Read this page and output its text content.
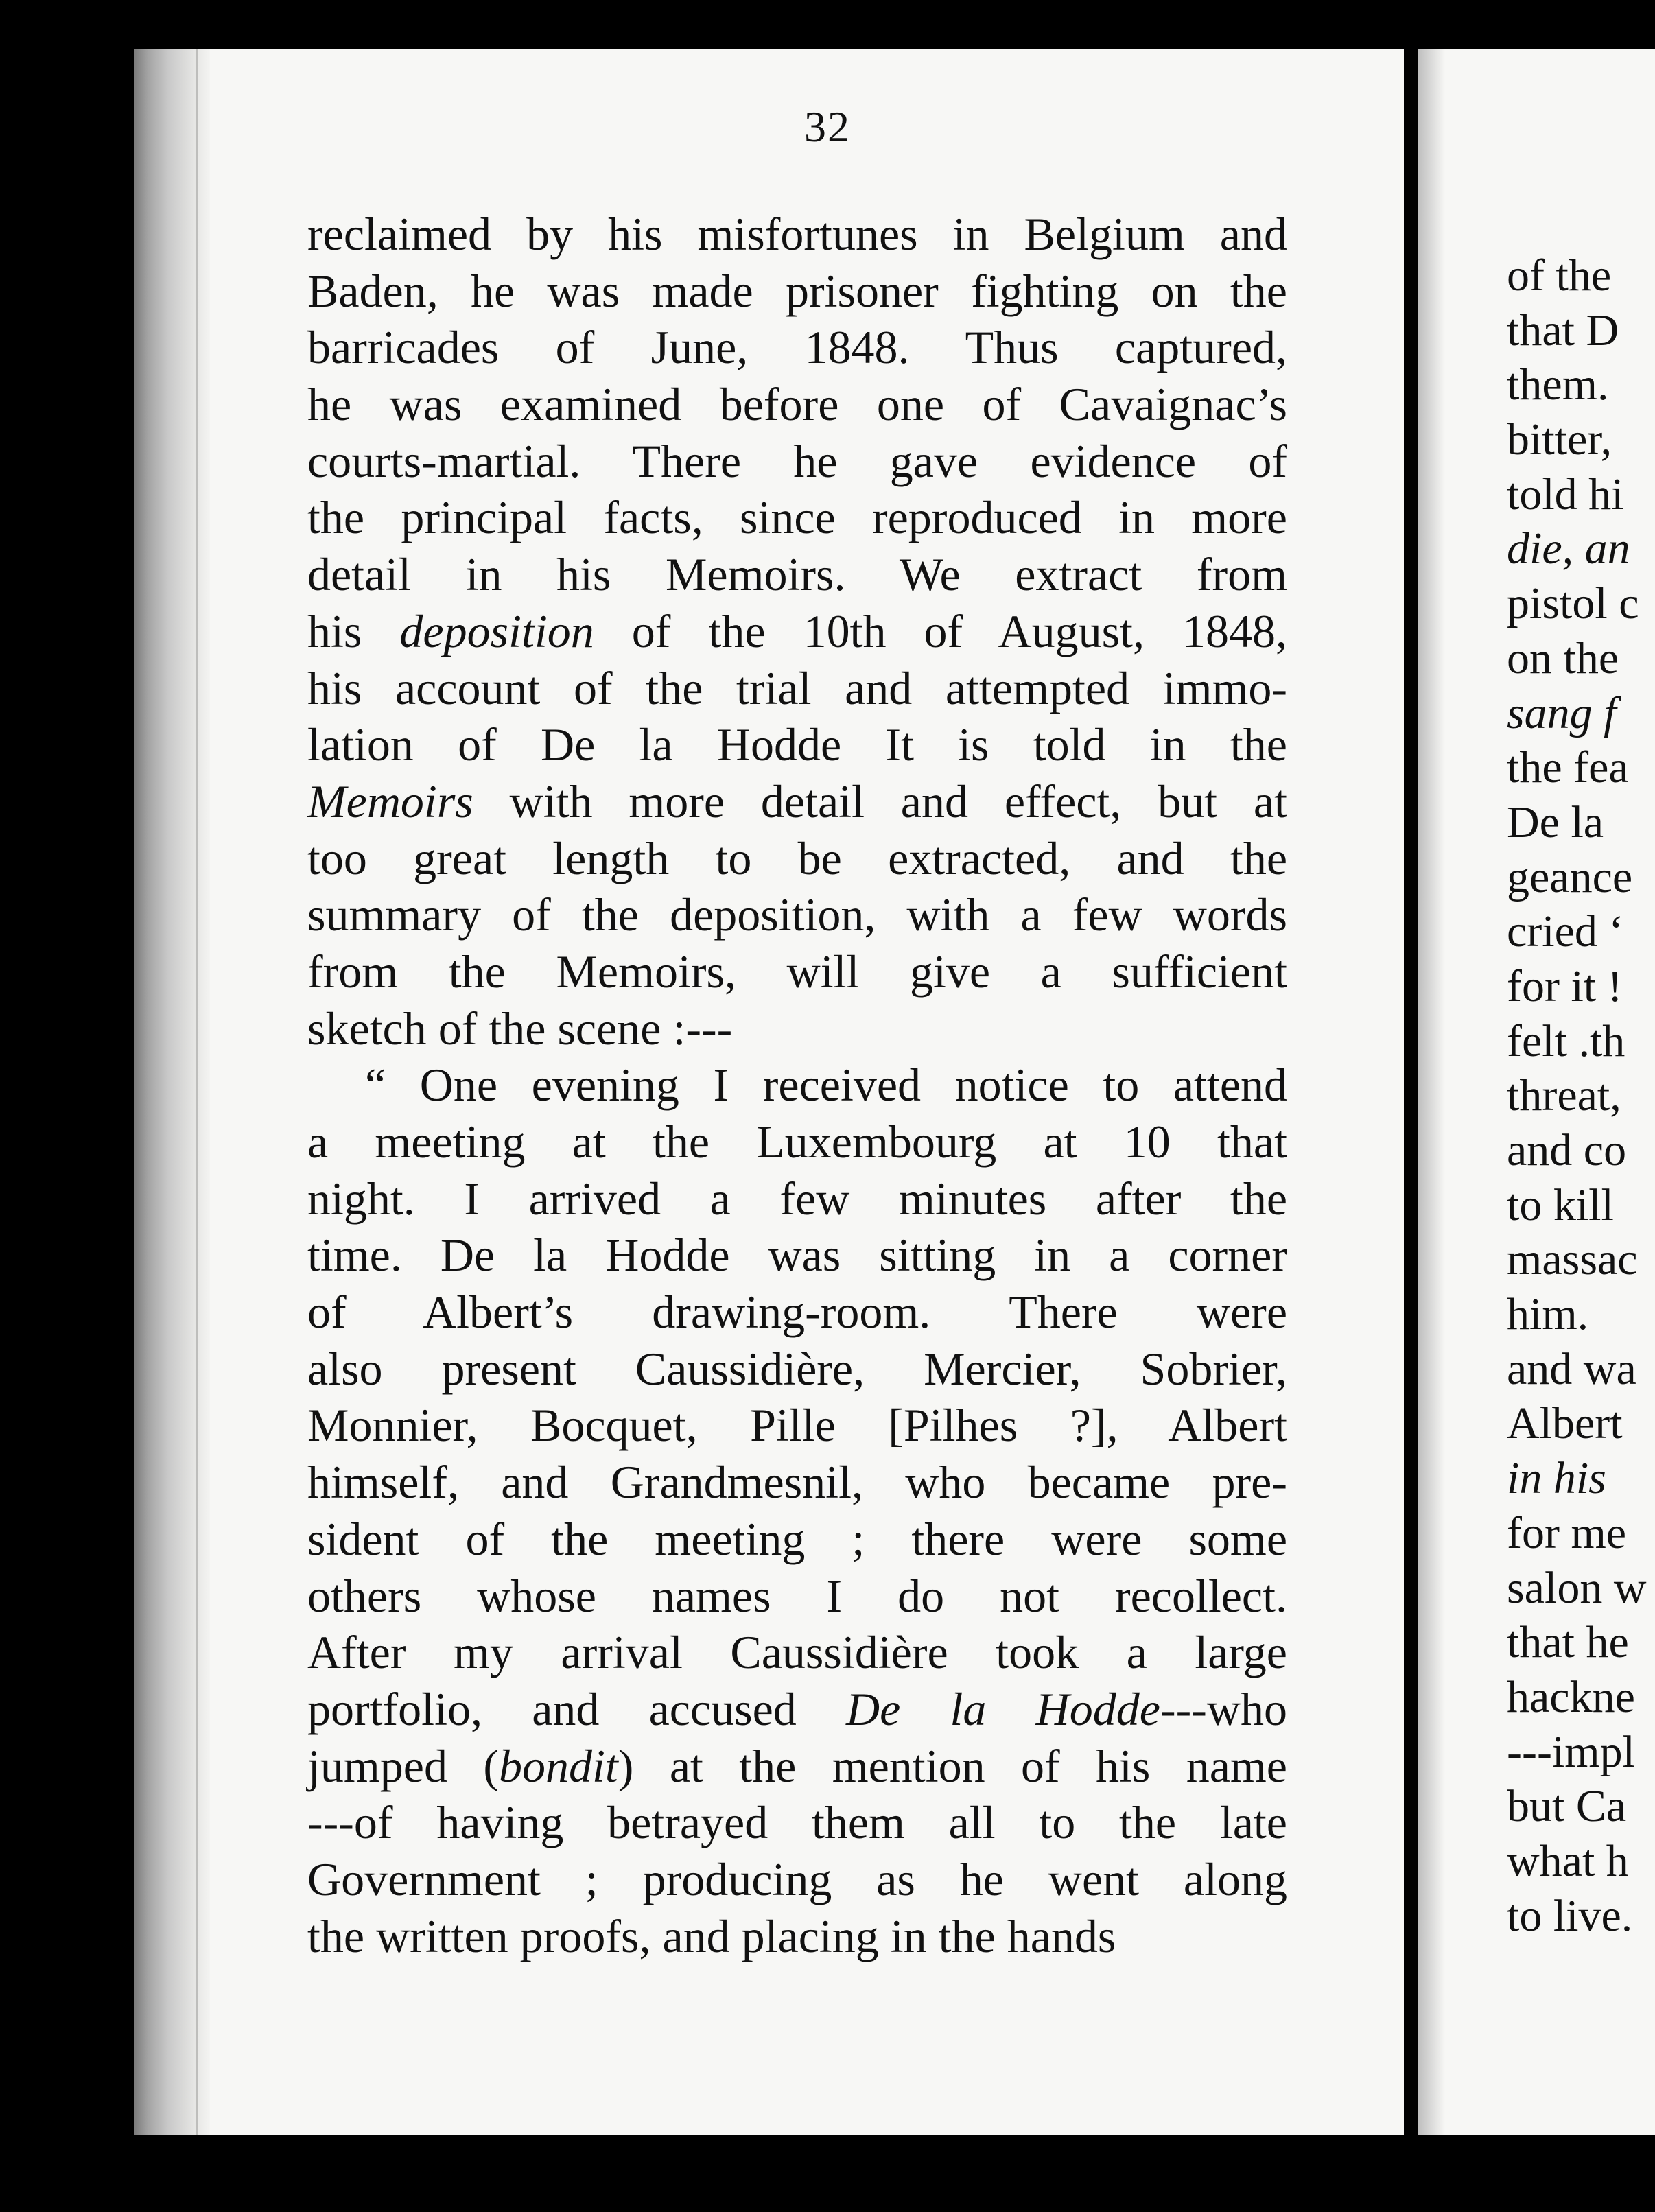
32
reclaimed by his misfortunes in Belgium and
Baden, he was made prisoner fighting on the
barricades of June, 1848. Thus captured,
he was examined before one of Cavaignac’s
courts-martial. There he gave evidence of
the principal facts, since reproduced in more
detail in his Memoirs. We extract from
his deposition of the 10th of August, 1848,
his account of the trial and attempted immo-
lation of De la Hodde It is told in the
Memoirs with more detail and effect, but at
too great length to be extracted, and the
summary of the deposition, with a few words
from the Memoirs, will give a sufficient
sketch of the scene :---
“ One evening I received notice to attend
a meeting at the Luxembourg at 10 that
night. I arrived a few minutes after the
time. De la Hodde was sitting in a corner
of Albert’s drawing-room. There were
also present Caussidière, Mercier, Sobrier,
Monnier, Bocquet, Pille [Pilhes ?], Albert
himself, and Grandmesnil, who became pre-
sident of the meeting ; there were some
others whose names I do not recollect.
After my arrival Caussidière took a large
portfolio, and accused De la Hodde---who
jumped (bondit) at the mention of his name
---of having betrayed them all to the late
Government ; producing as he went along
the written proofs, and placing in the hands
of the
that D
them.
bitter,
told hi
die, an
pistol c
on the
sang f
the fea
De la
geance
cried ‘
for it !
felt .th
threat,
and co
to kill
massac
him.
and wa
Albert
in his
for me
salon w
that he
hackne
---impl
but Ca
what h
to live.
